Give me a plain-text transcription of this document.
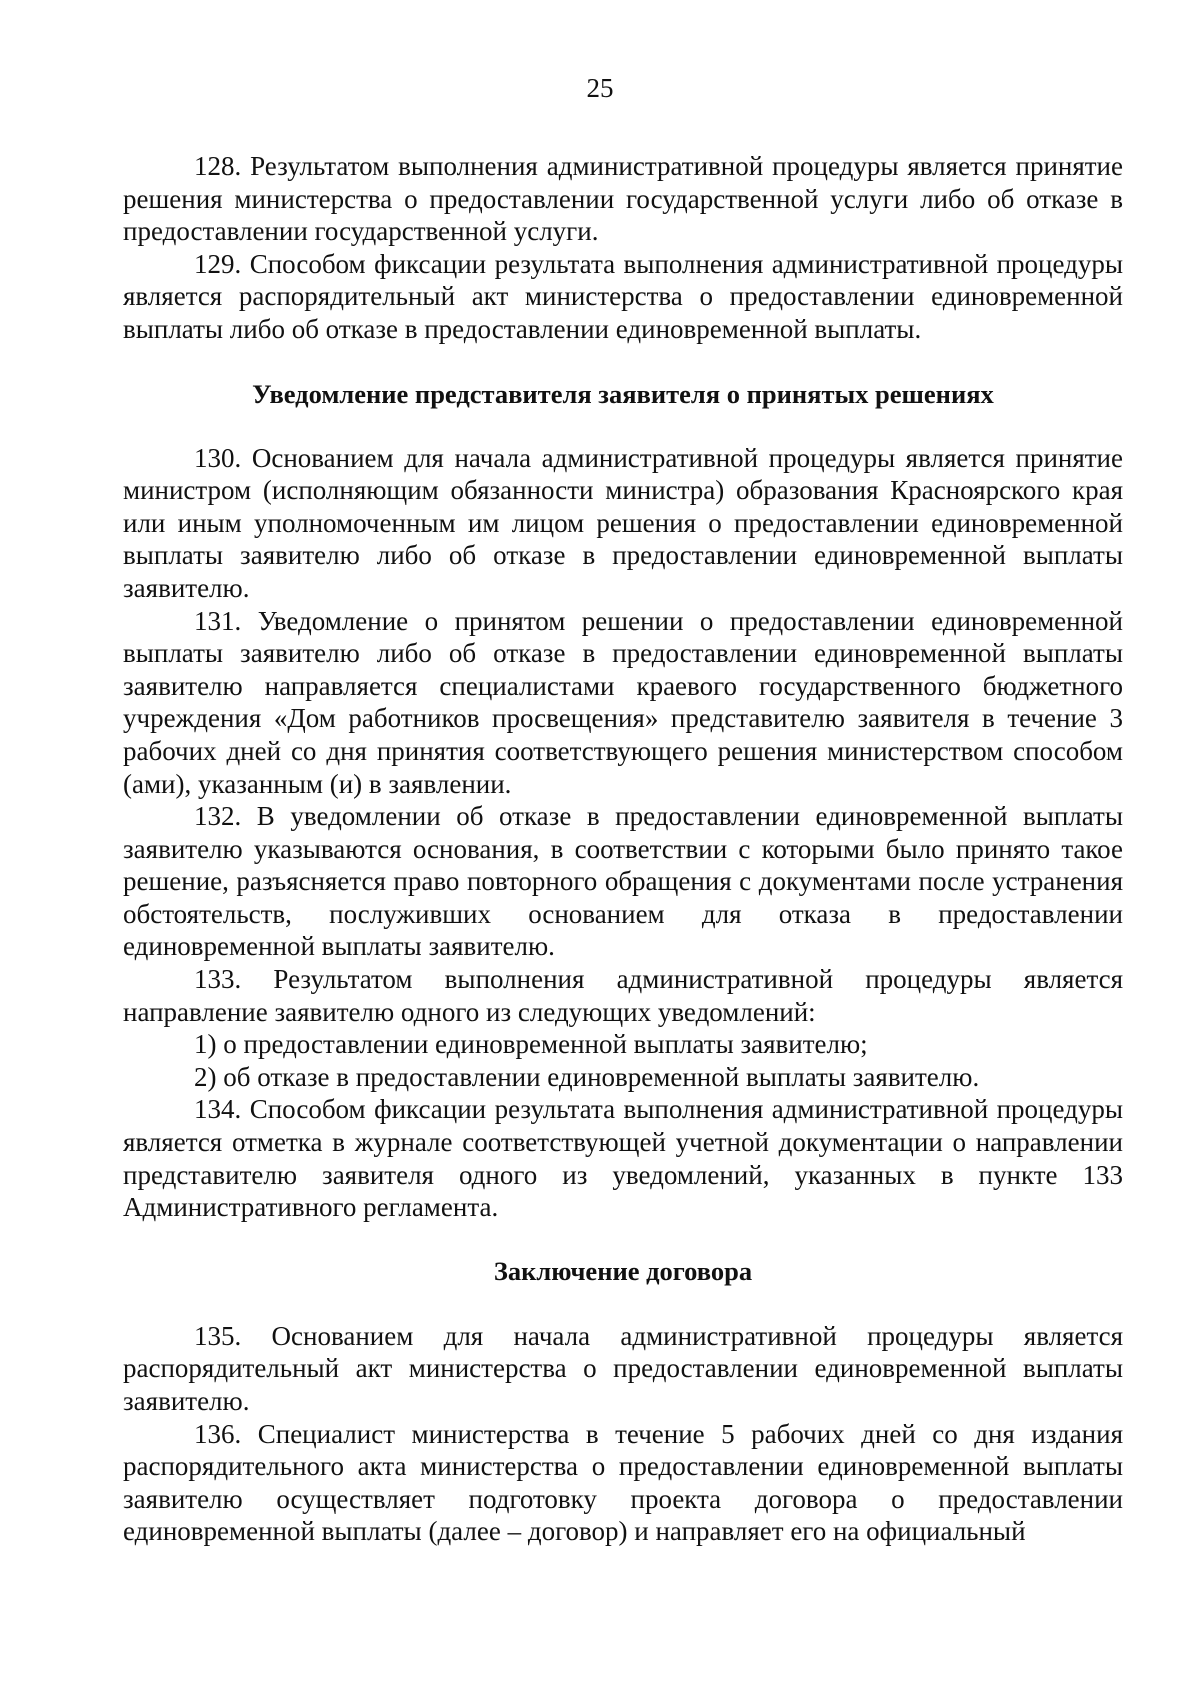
25

128. Результатом выполнения административной процедуры является принятие решения министерства о предоставлении государственной услуги либо об отказе в предоставлении государственной услуги.

129. Способом фиксации результата выполнения административной процедуры является распорядительный акт министерства о предоставлении единовременной выплаты либо об отказе в предоставлении единовременной выплаты.

Уведомление представителя заявителя о принятых решениях

130. Основанием для начала административной процедуры является принятие министром (исполняющим обязанности министра) образования Красноярского края или иным уполномоченным им лицом решения о предоставлении единовременной выплаты заявителю либо об отказе в предоставлении единовременной выплаты заявителю.

131. Уведомление о принятом решении о предоставлении единовременной выплаты заявителю либо об отказе в предоставлении единовременной выплаты заявителю направляется специалистами краевого государственного бюджетного учреждения «Дом работников просвещения» представителю заявителя в течение 3 рабочих дней со дня принятия соответствующего решения министерством способом (ами), указанным (и) в заявлении.

132. В уведомлении об отказе в предоставлении единовременной выплаты заявителю указываются основания, в соответствии с которыми было принято такое решение, разъясняется право повторного обращения с документами после устранения обстоятельств, послуживших основанием для отказа в предоставлении единовременной выплаты заявителю.

133. Результатом выполнения административной процедуры является направление заявителю одного из следующих уведомлений:

1) о предоставлении единовременной выплаты заявителю;

2) об отказе в предоставлении единовременной выплаты заявителю.

134. Способом фиксации результата выполнения административной процедуры является отметка в журнале соответствующей учетной документации о направлении представителю заявителя одного из уведомлений, указанных в пункте 133 Административного регламента.

Заключение договора

135. Основанием для начала административной процедуры является распорядительный акт министерства о предоставлении единовременной выплаты заявителю.

136. Специалист министерства в течение 5 рабочих дней со дня издания распорядительного акта министерства о предоставлении единовременной выплаты заявителю осуществляет подготовку проекта договора о предоставлении единовременной выплаты (далее – договор) и направляет его на официальный
